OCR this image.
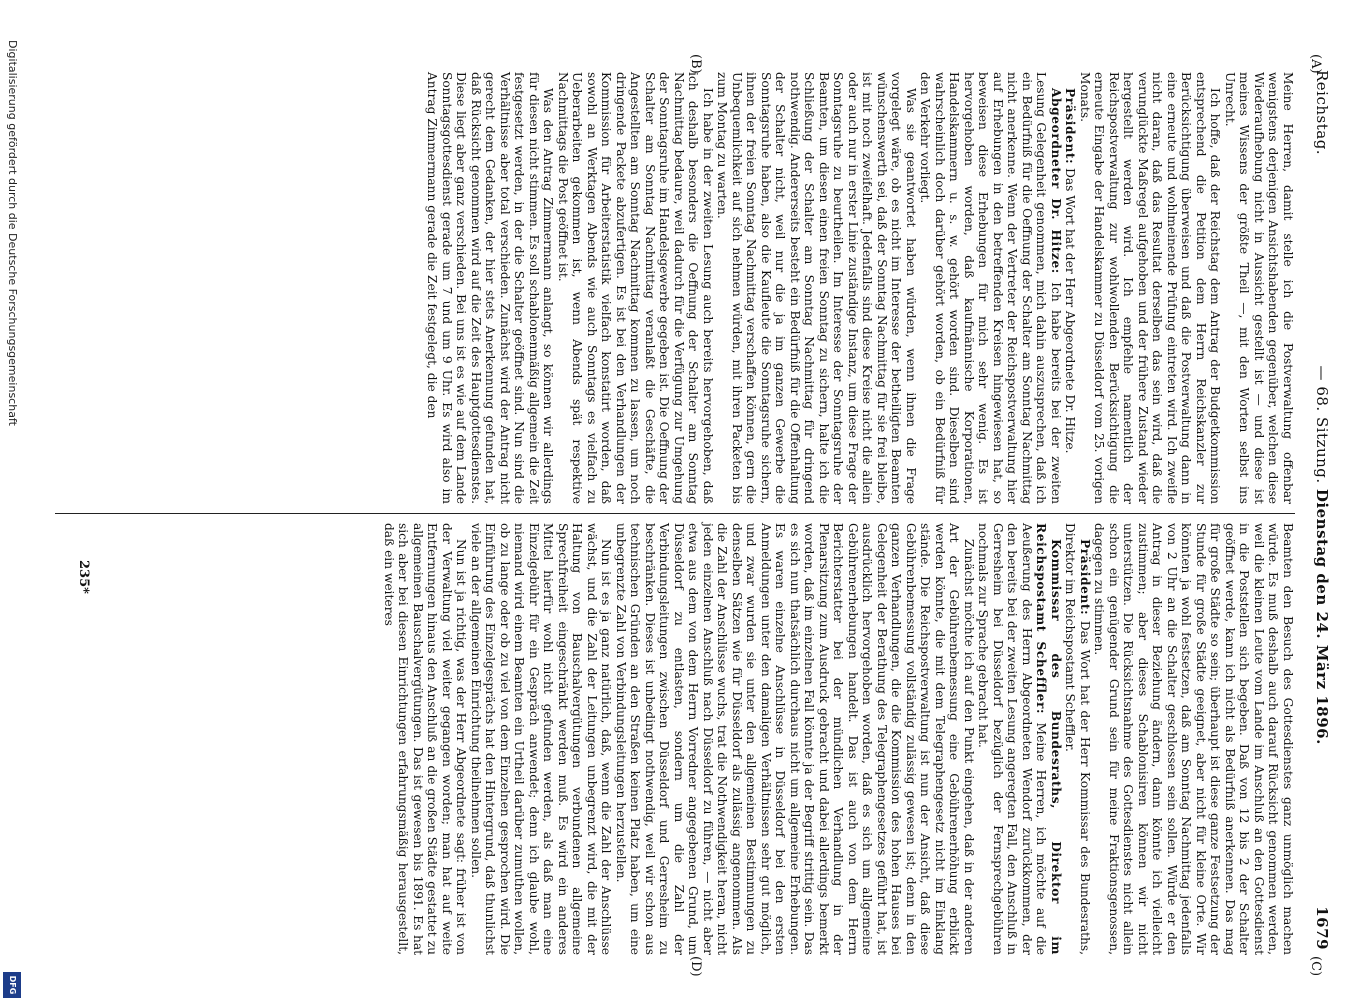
Reichstag.
— 68. Sitzung. Dienstag den 24. März 1896.
1679
(A)
(B)
(C)
(D)

Meine Herren, damit stelle ich die Postverwaltung offenbar wenigstens derjenigen Ansichtshabenden gegenüber, welchen diese Wiederaufhebung nicht in Aussicht gestellt ist — und diese ist meines Wissens der größte Theil —, mit den Worten selbst ins Unrecht.

Ich hoffe, daß der Reichstag dem Antrag der Budgetkommission entsprechend die Petition dem Herrn Reichskanzler zur Berücksichtigung überweisen und daß die Postverwaltung dann in eine erneute und wohlmeinende Prüfung eintreten wird. Ich zweifle nicht daran, daß das Resultat derselben das sein wird, daß die verunglückte Maßregel aufgehoben und der frühere Zustand wieder hergestellt werden wird. Ich empfehle namentlich der Reichspostverwaltung zur wohlwollenden Berücksichtigung die erneute Eingabe der Handelskammer zu Düsseldorf vom 25. vorigen Monats.

Präsident: Das Wort hat der Herr Abgeordnete Dr. Hitze.

Abgeordneter Dr. Hitze: Ich habe bereits bei der zweiten Lesung Gelegenheit genommen, mich dahin auszusprechen, daß ich ein Bedürfniß für die Oeffnung der Schalter am Sonntag Nachmittag nicht anerkenne. Wenn der Vertreter der Reichspostverwaltung hier auf Erhebungen in den betreffenden Kreisen hingewiesen hat, so beweisen diese Erhebungen für mich sehr wenig. Es ist hervorgehoben worden, daß kaufmännische Korporationen, Handelskammern u. s. w. gehört worden sind. Dieselben sind wahrscheinlich doch darüber gehört worden, ob ein Bedürfniß für den Verkehr vorliegt.

Was sie geantwortet haben würden, wenn ihnen die Frage vorgelegt wäre, ob es nicht im Interesse der betheiligten Beamten wünschenswerth sei, daß der Sonntag Nachmittag für sie frei bleibe, ist mit noch zweifelhaft. Jedenfalls sind diese Kreise nicht die allein oder auch nur in erster Linie zuständige Instanz, um diese Frage der Sonntagsruhe zu beurtheilen. Im Interesse der Sonntagsruhe der Beamten, um diesen einen freien Sonntag zu sichern, halte ich die Schließung der Schalter am Sonntag Nachmittag für dringend nothwendig. Andererseits besteht ein Bedürfniß für die Offenhaltung der Schalter nicht, weil nur die ja im ganzen Gewerbe die Sonntagsruhe haben, also die Kaufleute die Sonntagsruhe sichern, ihnen der freien Sonntag Nachmittag verschaffen können, gern die Unbequemlichkeit auf sich nehmen würden, mit ihren Packeten bis zum Montag zu warten.

Ich habe in der zweiten Lesung auch bereits hervorgehoben, daß ich deshalb besonders die Oeffnung der Schalter am Sonntag Nachmittag bedaure, weil dadurch für die Verfügung zur Umgehung der Sonntagsruhe im Handelsgewerbe gegeben ist. Die Oeffnung der Schalter am Sonntag Nachmittag veranlaßt die Geschäfte, die Angestellten am Sonntag Nachmittag kommen zu lassen, um noch dringende Packete abzufertigen. Es ist bei den Verhandlungen der Kommission für Arbeiterstatistik vielfach konstatirt worden, daß sowohl an Werktagen Abends wie auch Sonntags es vielfach zu Ueberarbeiten gekommen ist, wenn Abends spät respektive Nachmittags die Post geöffnet ist.

Was den Antrag Zimmermann anlangt, so können wir allerdings für diesen nicht stimmen. Es soll schablonenmäßig allgemein die Zeit festgesetzt werden, in der die Schalter geöffnet sind. Nun sind die Verhältnisse aber total verschieden. Zunächst wird der Antrag nicht gerecht dem Gedanken, der hier stets Anerkennung gefunden hat, daß Rücksicht genommen wird auf die Zeit des Hauptgottesdienstes. Diese liegt aber ganz verschieden. Bei uns ist es wie auf dem Lande Sonntagsgottesdienst gerade um 7 und um 9 Uhr. Es wird also im Antrag Zimmermann gerade die Zeit festgelegt, die den

Beamten den Besuch des Gottesdienstes ganz unmöglich machen würde. Es muß deshalb auch darauf Rücksicht genommen werden, weil die kleinen Leute vom Lande im Anschluß an den Gottesdienst in die Poststellen sich begeben. Daß von 12 bis 2 der Schalter geöffnet werde, kann ich nicht als Bedürfniß anerkennen. Das mag für große Städte so sein; überhaupt ist diese ganze Festsetzung der Stunde für große Städte geeignet, aber nicht für kleine Orte. Wir könnten ja wohl festsetzen, daß am Sonntag Nachmittag jedenfalls von 2 Uhr an die Schalter geschlossen sein sollen. Würde er den Antrag in dieser Beziehung ändern, dann könnte ich vielleicht zustimmen; aber dieses Schablonisiren können wir nicht unterstützen. Die Rücksichtsnahme des Gottesdienstes nicht allein schon ein genügender Grund sein für meine Fraktionsgenossen, dagegen zu stimmen.

Präsident: Das Wort hat der Herr Kommissar des Bundesraths, Direktor im Reichspostamt Scheffler.

Kommissar des Bundesraths, Direktor im Reichspostamt Scheffler: Meine Herren, ich möchte auf die Aeußerung des Herrn Abgeordneten Wendorf zurückkommen, der den bereits bei der zweiten Lesung angeregten Fall, den Anschluß in Gerresheim bei Düsseldorf bezüglich der Fernsprechgebühren nochmals zur Sprache gebracht hat.

Zunächst möchte ich auf den Punkt eingehen, daß in der anderen Art der Gebührenbemessung eine Gebührenerhöhung erblickt werden könnte, die mit dem Telegraphengesetz nicht im Einklang stände. Die Reichspostverwaltung ist nun der Ansicht, daß diese Gebührenbemessung vollständig zulässig gewesen ist; denn in den ganzen Verhandlungen, die die Kommission des hohen Hauses bei Gelegenheit der Berathung des Telegraphengesetzes geführt hat, ist ausdrücklich hervorgehoben worden, daß es sich um allgemeine Gebührenerhebungen handelt. Das ist auch von dem Herrn Berichterstatter bei der mündlichen Verhandlung in der Plenarsitzung zum Ausdruck gebracht und dabei allerdings bemerkt worden, daß im einzelnen Fall könnte ja der Begriff strittig sein. Das es sich nun thatsächlich durchaus nicht um allgemeine Erhebungen. Es waren einzelne Anschlüsse in Düsseldorf bei den ersten Anmeldungen unter den damaligen Verhältnissen sehr gut möglich, und zwar wurden sie unter den allgemeinen Bestimmungen zu denselben Sätzen wie für Düsseldorf als zulässig angenommen. Als die Zahl der Anschlüsse wuchs, trat die Nothwendigkeit heran, nicht jeden einzelnen Anschluß nach Düsseldorf zu führen, — nicht aber etwa aus dem von dem Herrn Vorredner angegebenen Grund, um Düsseldorf zu entlasten, sondern um die Zahl der Verbindungsleitungen zwischen Düsseldorf und Gerresheim zu beschränken. Dieses ist unbedingt nothwendig, weil wir schon aus technischen Gründen an den Straßen keinen Platz haben, um eine unbegrenzte Zahl von Verbindungsleitungen herzustellen.

Nun ist es ja ganz natürlich, daß, wenn die Zahl der Anschlüsse wächst, und die Zahl der Leitungen unbegrenzt wird, die mit der Haltung von Bauschalvergütungen verbundenen allgemeine Sprechfreiheit eingeschränkt werden muß. Es wird ein anderes Mittel hierfür wohl nicht gefunden werden, als daß man eine Einzelgebühr für ein Gespräch anwendet; denn ich glaube wohl, niemand wird einem Beamten ein Urtheil darüber zumuthen wollen, ob zu lange oder ob zu viel von dem Einzelnen gesprochen wird. Die Einführung des Einzelgesprächs hat den Hintergrund, daß thunlichst viele an der allgemeinen Einrichtung theilnehmen sollen.

Nun ist ja richtig, was der Herr Abgeordnete sagt: früher ist von der Verwaltung viel weiter gegangen worden; man hat auf weite Entfernungen hinaus den Anschluß an die großen Städte gestattet zu allgemeinen Bauschalvergütungen. Das ist gewesen bis 1891. Es hat sich aber bei diesen Einrichtungen erfahrungsmäßig herausgestellt, daß ein weiteres

235*
Digitalisierung gefördert durch die Deutsche Forschungsgemeinschaft
DFG
